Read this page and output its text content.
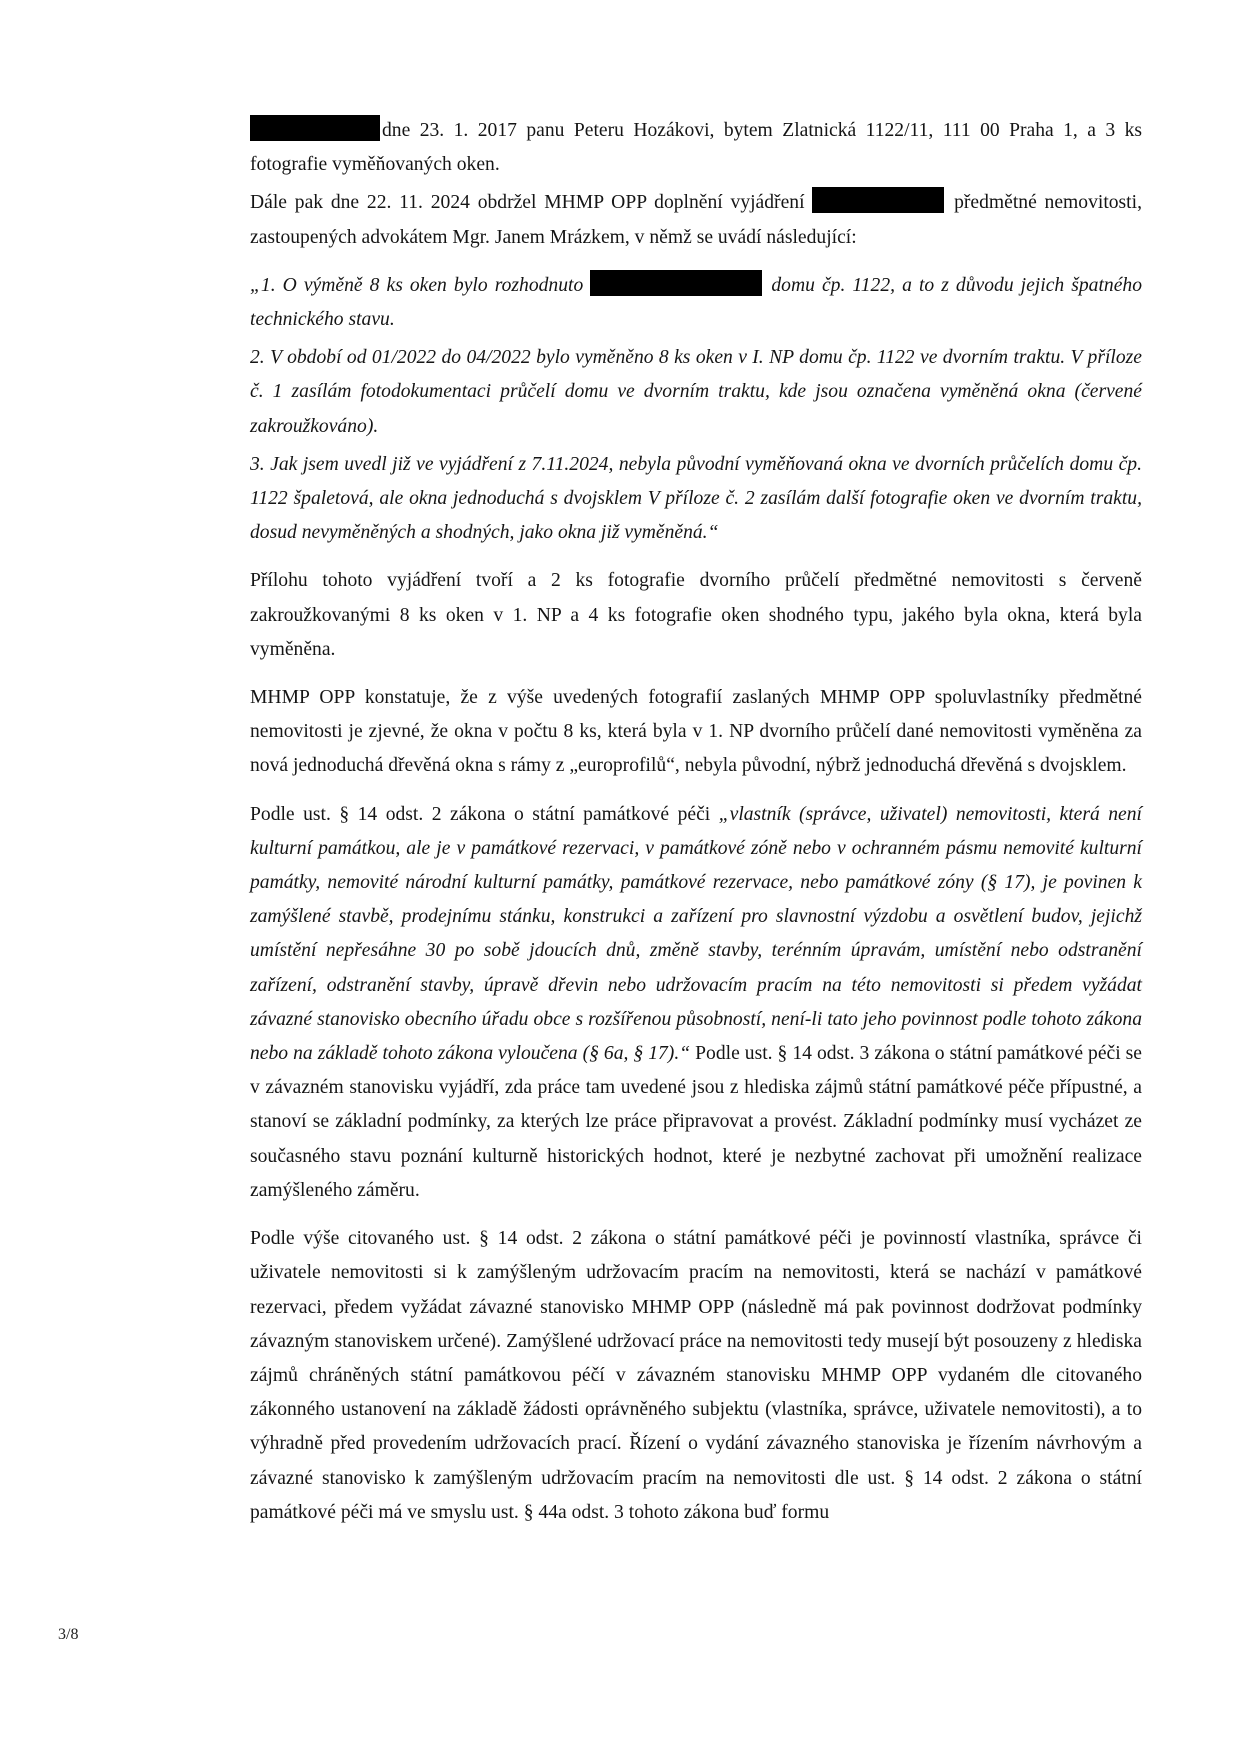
dne 23. 1. 2017 panu Peteru Hozákovi, bytem Zlatnická 1122/11, 111 00 Praha 1, a 3 ks fotografie vyměňovaných oken.

Dále pak dne 22. 11. 2024 obdržel MHMP OPP doplnění vyjádření	předmětné nemovitosti, zastoupených advokátem Mgr. Janem Mrázkem, v němž se uvádí následující:

„1. O výměně 8 ks oken bylo rozhodnuto	domu čp. 1122, a to z důvodu jejich špatného technického stavu.

2. V období od 01/2022 do 04/2022 bylo vyměněno 8 ks oken v I. NP domu čp. 1122 ve dvorním traktu. V příloze č. 1 zasílám fotodokumentaci průčelí domu ve dvorním traktu, kde jsou označena vyměněná okna (červené zakroužkováno).

3. Jak jsem uvedl již ve vyjádření z 7.11.2024, nebyla původní vyměňovaná okna ve dvorních průčelích domu čp. 1122 špaletová, ale okna jednoduchá s dvojsklem V příloze č. 2 zasílám další fotografie oken ve dvorním traktu, dosud nevyměněných a shodných, jako okna již vyměněná.“

Přílohu tohoto vyjádření tvoří a 2 ks fotografie dvorního průčelí předmětné nemovitosti s červeně zakroužkovanými 8 ks oken v 1. NP a 4 ks fotografie oken shodného typu, jakého byla okna, která byla vyměněna.

MHMP OPP konstatuje, že z výše uvedených fotografií zaslaných MHMP OPP spoluvlastníky předmětné nemovitosti je zjevné, že okna v počtu 8 ks, která byla v 1. NP dvorního průčelí dané nemovitosti vyměněna za nová jednoduchá dřevěná okna s rámy z „europrofilů“, nebyla původní, nýbrž jednoduchá dřevěná s dvojsklem.

Podle ust. § 14 odst. 2 zákona o státní památkové péči „vlastník (správce, uživatel) nemovitosti, která není kulturní památkou, ale je v památkové rezervaci, v památkové zóně nebo v ochranném pásmu nemovité kulturní památky, nemovité národní kulturní památky, památkové rezervace, nebo památkové zóny (§ 17), je povinen k zamýšlené stavbě, prodejnímu stánku, konstrukci a zařízení pro slavnostní výzdobu a osvětlení budov, jejichž umístění nepřesáhne 30 po sobě jdoucích dnů, změně stavby, terénním úpravám, umístění nebo odstranění zařízení, odstranění stavby, úpravě dřevin nebo udržovacím pracím na této nemovitosti si předem vyžádat závazné stanovisko obecního úřadu obce s rozšířenou působností, není-li tato jeho povinnost podle tohoto zákona nebo na základě tohoto zákona vyloučena (§ 6a, § 17).“ Podle ust. § 14 odst. 3 zákona o státní památkové péči se v závazném stanovisku vyjádří, zda práce tam uvedené jsou z hlediska zájmů státní památkové péče přípustné, a stanoví se základní podmínky, za kterých lze práce připravovat a provést. Základní podmínky musí vycházet ze současného stavu poznání kulturně historických hodnot, které je nezbytné zachovat při umožnění realizace zamýšleného záměru.

Podle výše citovaného ust. § 14 odst. 2 zákona o státní památkové péči je povinností vlastníka, správce či uživatele nemovitosti si k zamýšleným udržovacím pracím na nemovitosti, která se nachází v památkové rezervaci, předem vyžádat závazné stanovisko MHMP OPP (následně má pak povinnost dodržovat podmínky závazným stanoviskem určené). Zamýšlené udržovací práce na nemovitosti tedy musejí být posouzeny z hlediska zájmů chráněných státní památkovou péčí v závazném stanovisku MHMP OPP vydaném dle citovaného zákonného ustanovení na základě žádosti oprávněného subjektu (vlastníka, správce, uživatele nemovitosti), a to výhradně před provedením udržovacích prací. Řízení o vydání závazného stanoviska je řízením návrhovým a závazné stanovisko k zamýšleným udržovacím pracím na nemovitosti dle ust. § 14 odst. 2 zákona o státní památkové péči má ve smyslu ust. § 44a odst. 3 tohoto zákona buď formu

3/8
